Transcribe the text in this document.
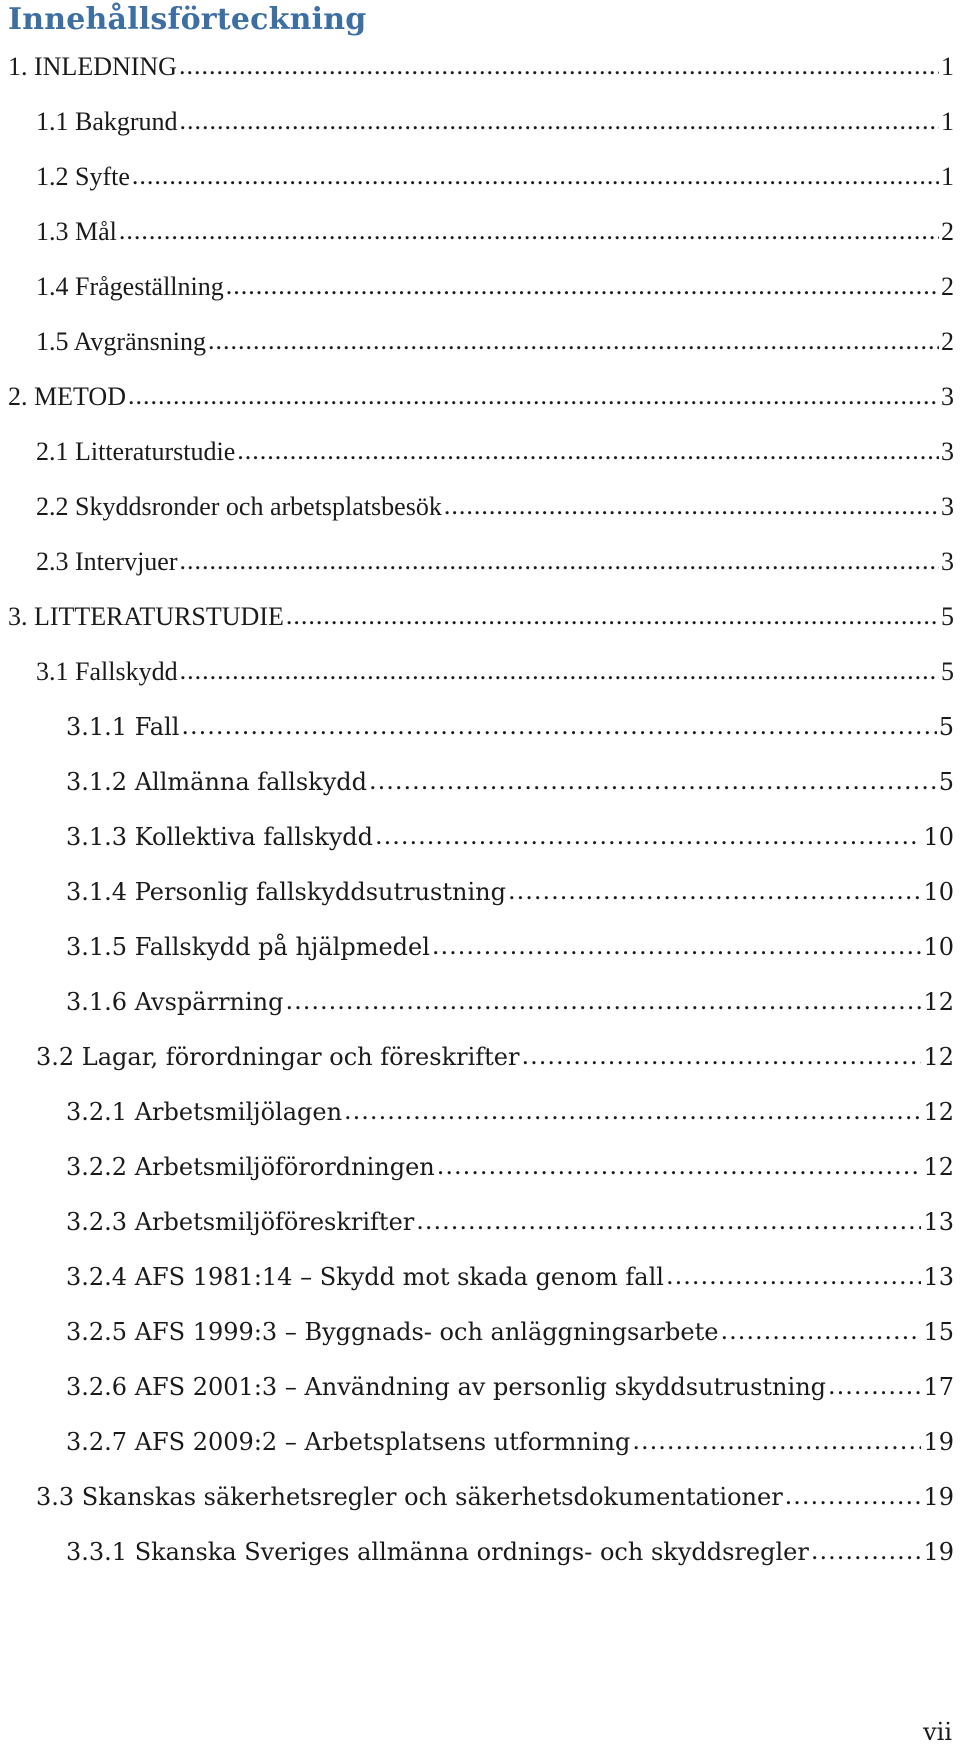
Innehållsförteckning
1. INLEDNING .....	1
1.1 Bakgrund .....	1
1.2 Syfte .....	1
1.3 Mål .....	2
1.4 Frågeställning .....	2
1.5 Avgränsning .....	2
2. METOD .....	3
2.1 Litteraturstudie .....	3
2.2 Skyddsronder och arbetsplatsbesök .....	3
2.3 Intervjuer .....	3
3. LITTERATURSTUDIE .....	5
3.1 Fallskydd .....	5
3.1.1 Fall .....	5
3.1.2 Allmänna fallskydd .....	5
3.1.3 Kollektiva fallskydd .....	10
3.1.4 Personlig fallskyddsutrustning .....	10
3.1.5 Fallskydd på hjälpmedel .....	10
3.1.6 Avspärrning .....	12
3.2 Lagar, förordningar och föreskrifter .....	12
3.2.1 Arbetsmiljölagen .....	12
3.2.2 Arbetsmiljöförordningen .....	12
3.2.3 Arbetsmiljöföreskrifter .....	13
3.2.4 AFS 1981:14 – Skydd mot skada genom fall .....	13
3.2.5 AFS 1999:3 – Byggnads- och anläggningsarbete .....	15
3.2.6 AFS 2001:3 – Användning av personlig skyddsutrustning .....	17
3.2.7 AFS 2009:2 – Arbetsplatsens utformning .....	19
3.3 Skanskas säkerhetsregler och säkerhetsdokumentationer .....	19
3.3.1 Skanska Sveriges allmänna ordnings- och skyddsregler .....	19
vii
